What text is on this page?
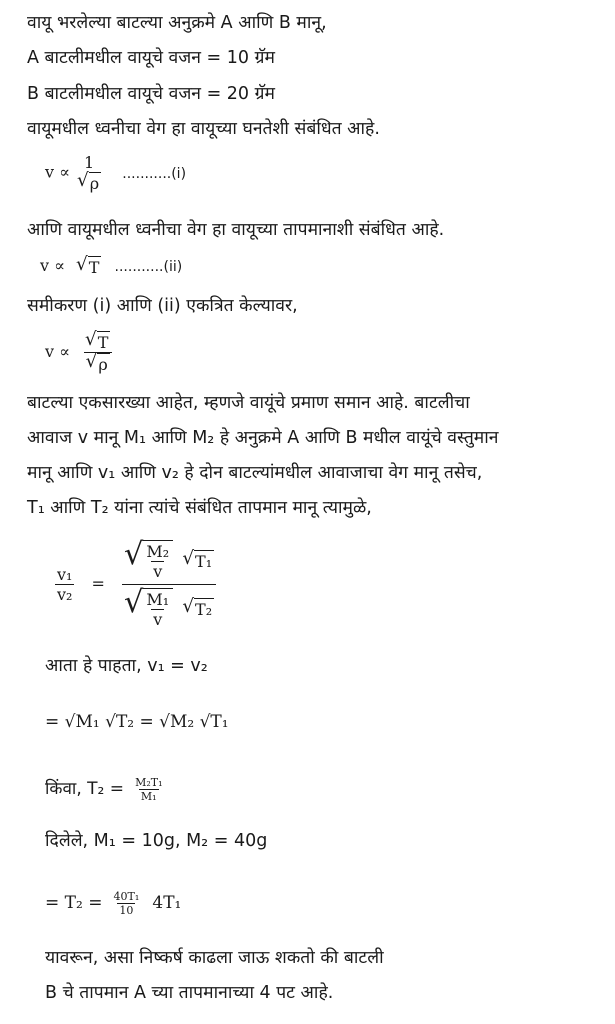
वायू भरलेल्या बाटल्या अनुक्रमे A आणि B मानू,
A बाटलीमधील वायूचे वजन = 10 ग्रॅम
B बाटलीमधील वायूचे वजन = 20 ग्रॅम
वायूमधील ध्वनीचा वेग हा वायूच्या घनतेशी संबंधित आहे.
v ∝ 1
√ ρ
...........(i)
आणि वायूमधील ध्वनीचा वेग हा वायूच्या तापमानाशी संबंधित आहे.
v ∝ √ T ...........(ii)
समीकरण (i) आणि (ii) एकत्रित केल्यावर,
$v \propto \frac{√ T}{√ \rho}$
बाटल्या एकसारख्या आहेत, म्हणजे वायूंचे प्रमाण समान आहे. बाटलीचा
आवाज v मानू M₁ आणि M₂ हे अनुक्रमे A आणि B मधील वायूंचे वस्तुमान
मानू आणि v₁ आणि v₂ हे दोन बाटल्यांमधील आवाजाचा वेग मानू तसेच,
T₁ आणि T₂ यांना त्यांचे संबंधित तापमान मानू त्यामुळे,
$\frac{\text{v₁}}{\text{v₂}}$ = √ $\frac{\text{M₂}}{v}$
√ T₁
√ $\frac{\text{M₁}}{v}$
√ T₂
आता हे पाहता, v₁ = v₂
= √M₁ √T₂ = √M₂ √T₁
किंवा, $T_2 = \frac{\text{M₂T₁}}{\text{M₁}}$
दिलेले, M₁ = 10g, M₂ = 40g
= $T_2 = \frac{\text{40T₁}}{10} 4T_1$
यावरून, असा निष्कर्ष काढला जाऊ शकतो की बाटली
B चे तापमान A च्या तापमानाच्या 4 पट आहे.
